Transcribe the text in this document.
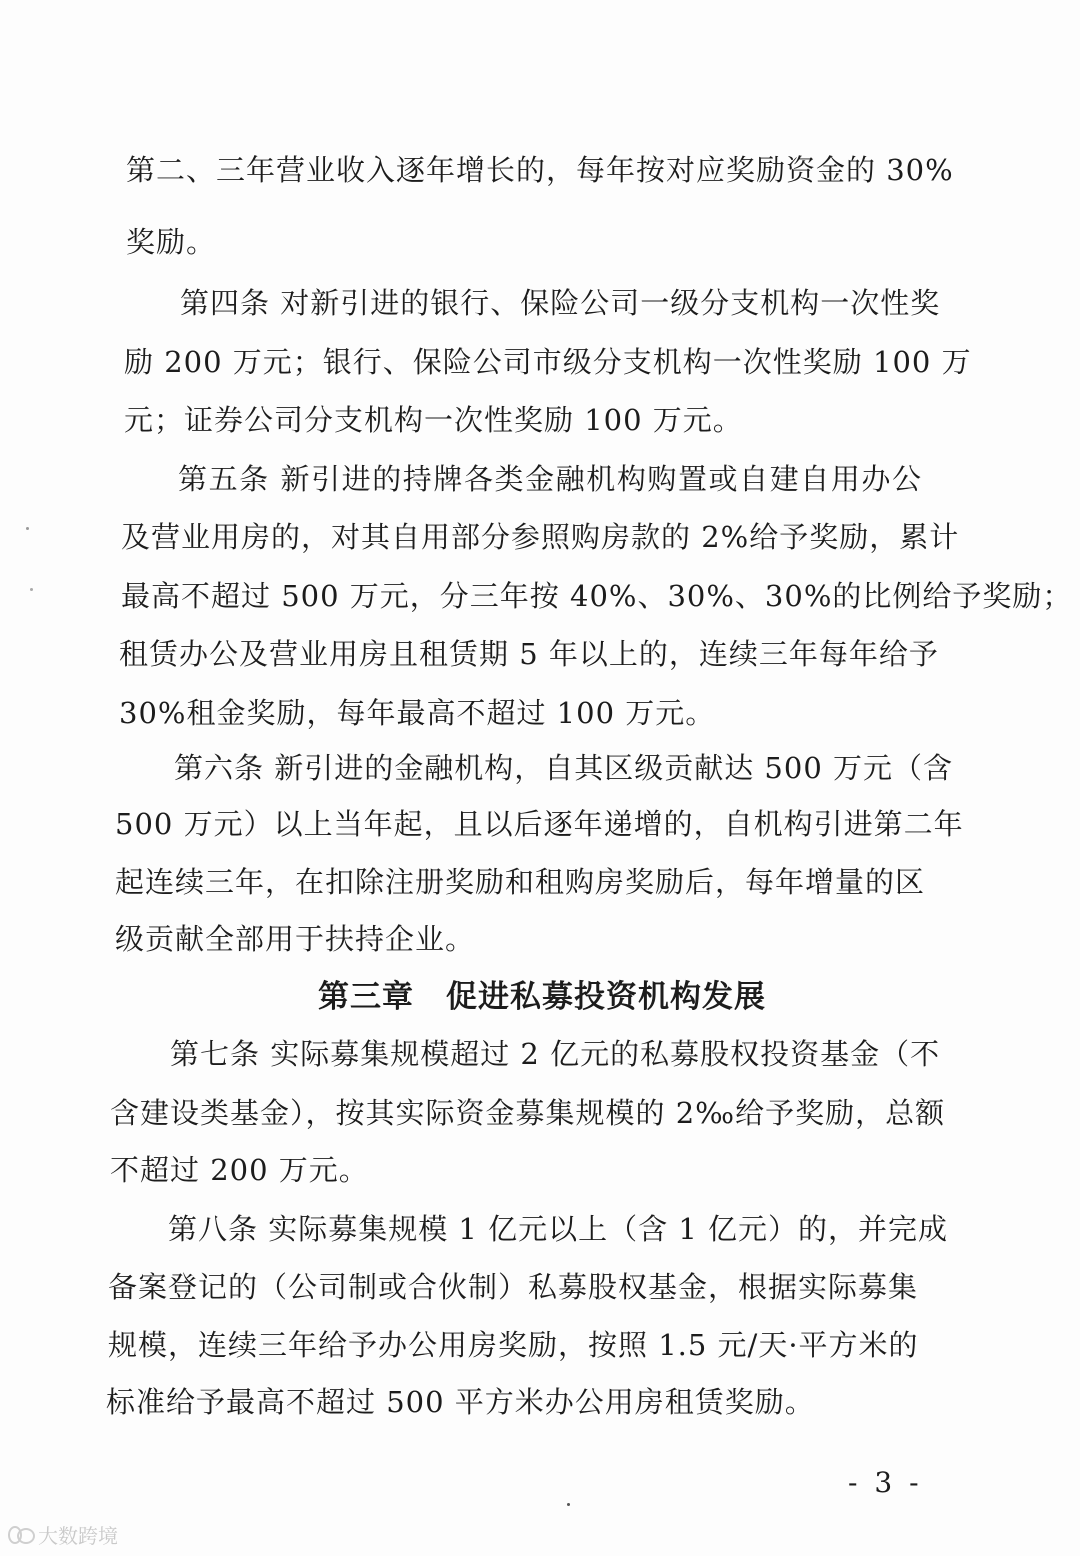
第二、三年营业收入逐年增长的，每年按对应奖励资金的 30%
奖励。
第四条 对新引进的银行、保险公司一级分支机构一次性奖
励 200 万元；银行、保险公司市级分支机构一次性奖励 100 万
元；证券公司分支机构一次性奖励 100 万元。
第五条 新引进的持牌各类金融机构购置或自建自用办公
及营业用房的，对其自用部分参照购房款的 2%给予奖励，累计
最高不超过 500 万元，分三年按 40%、30%、30%的比例给予奖励；
租赁办公及营业用房且租赁期 5 年以上的，连续三年每年给予
30%租金奖励，每年最高不超过 100 万元。
第六条 新引进的金融机构，自其区级贡献达 500 万元（含
500 万元）以上当年起，且以后逐年递增的，自机构引进第二年
起连续三年，在扣除注册奖励和租购房奖励后，每年增量的区
级贡献全部用于扶持企业。
第三章　促进私募投资机构发展
第七条 实际募集规模超过 2 亿元的私募股权投资基金（不
含建设类基金），按其实际资金募集规模的 2‰给予奖励，总额
不超过 200 万元。
第八条 实际募集规模 1 亿元以上（含 1 亿元）的，并完成
备案登记的（公司制或合伙制）私募股权基金，根据实际募集
规模，连续三年给予办公用房奖励，按照 1.5 元/天·平方米的
标准给予最高不超过 500 平方米办公用房租赁奖励。
- 3 -
大数跨境
